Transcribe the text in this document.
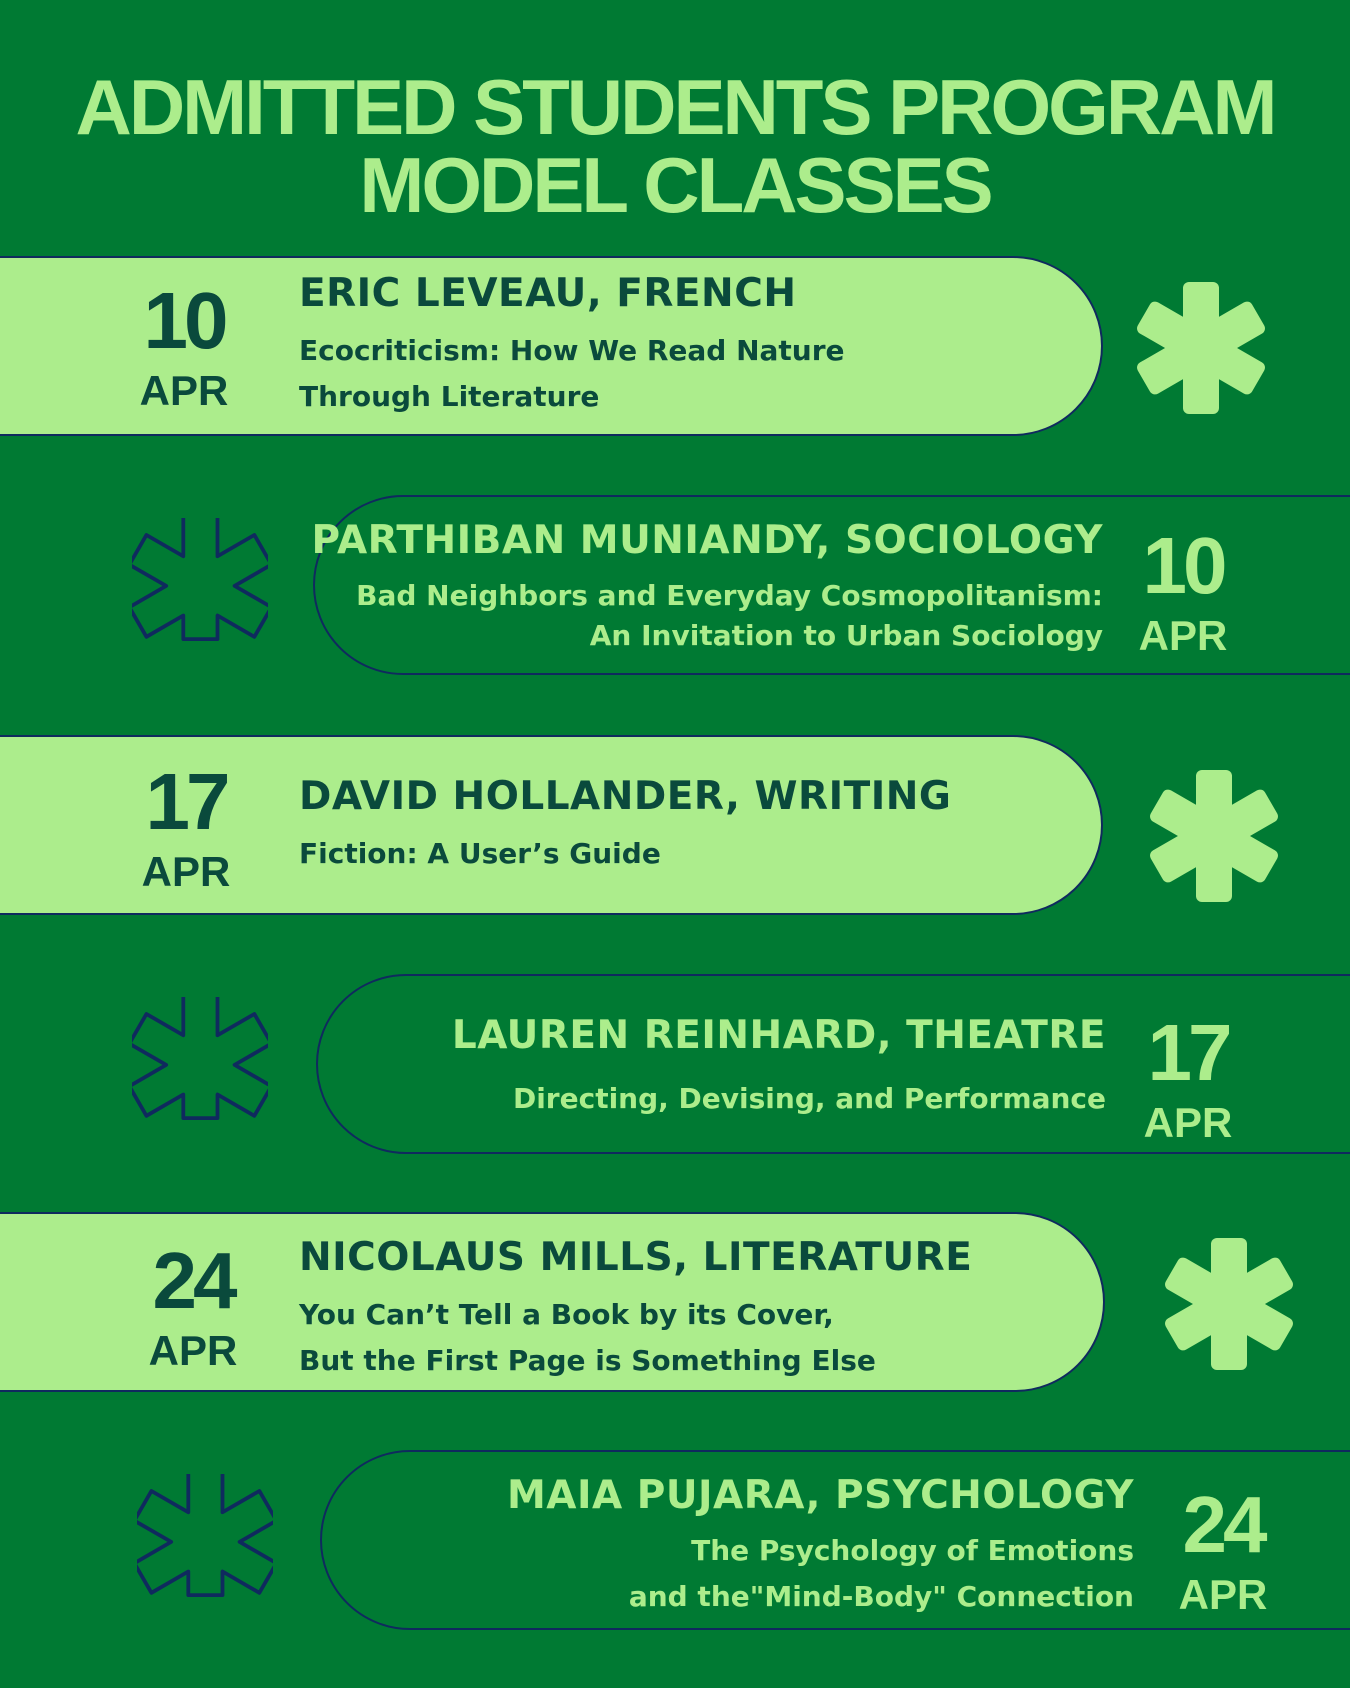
ADMITTED STUDENTS PROGRAM
MODEL CLASSES
10
APR
ERIC LEVEAU, FRENCH
Ecocriticism: How We Read Nature
Through Literature
PARTHIBAN MUNIANDY, SOCIOLOGY
Bad Neighbors and Everyday Cosmopolitanism:
An Invitation to Urban Sociology
10
APR
17
APR
DAVID HOLLANDER, WRITING
Fiction: A User’s Guide
LAUREN REINHARD, THEATRE
Directing, Devising, and Performance
17
APR
24
APR
NICOLAUS MILLS, LITERATURE
You Can’t Tell a Book by its Cover,
But the First Page is Something Else
MAIA PUJARA, PSYCHOLOGY
The Psychology of Emotions
and the"Mind-Body" Connection
24
APR
